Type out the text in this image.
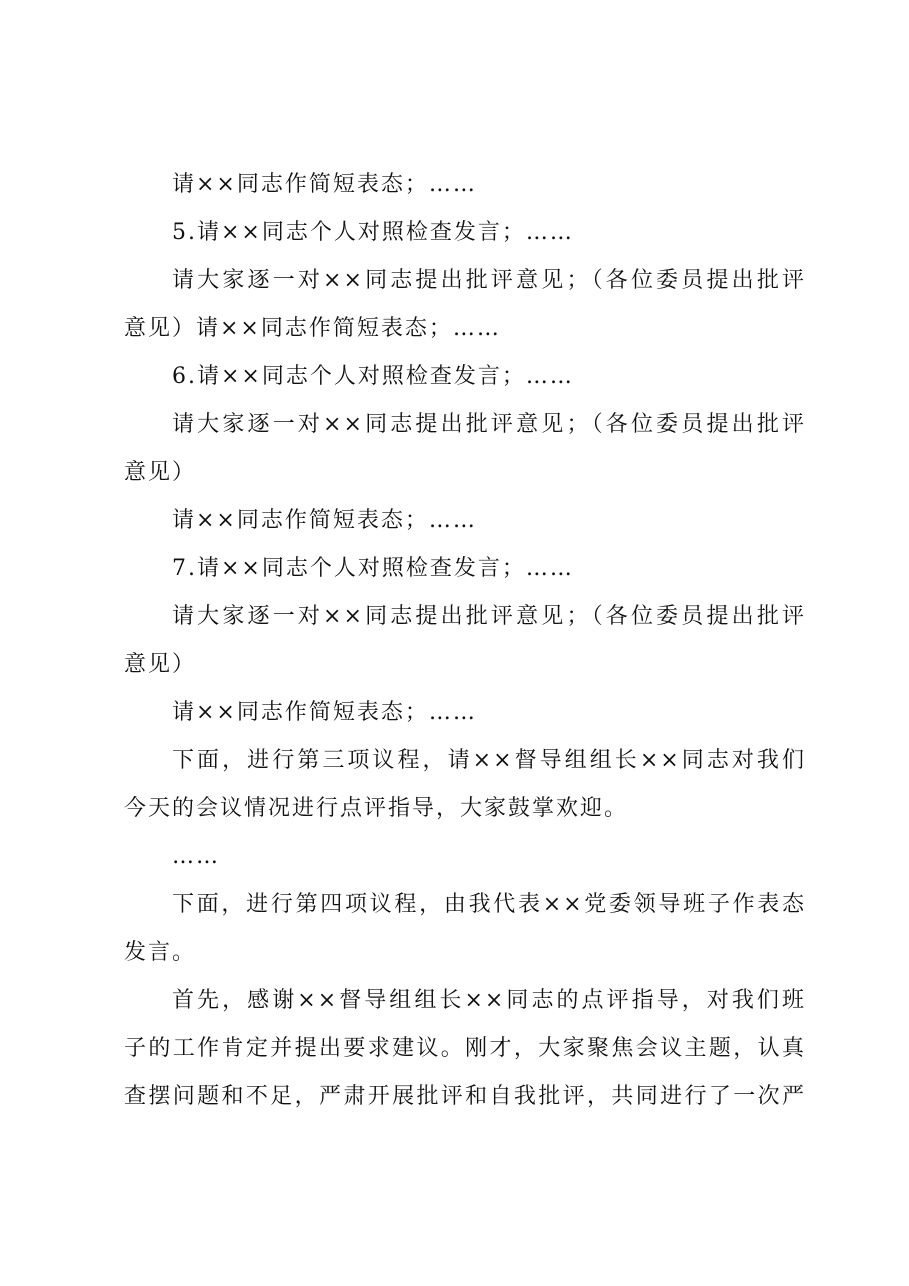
请××同志作简短表态；……
5.请××同志个人对照检查发言；……
请大家逐一对××同志提出批评意见；（各位委员提出批评
意见）请××同志作简短表态；……
6.请××同志个人对照检查发言；……
请大家逐一对××同志提出批评意见；（各位委员提出批评
意见）
请××同志作简短表态；……
7.请××同志个人对照检查发言；……
请大家逐一对××同志提出批评意见；（各位委员提出批评
意见）
请××同志作简短表态；……
下面，进行第三项议程，请××督导组组长××同志对我们
今天的会议情况进行点评指导，大家鼓掌欢迎。
……
下面，进行第四项议程，由我代表××党委领导班子作表态
发言。
首先，感谢××督导组组长××同志的点评指导，对我们班
子的工作肯定并提出要求建议。刚才，大家聚焦会议主题，认真
查摆问题和不足，严肃开展批评和自我批评，共同进行了一次严
